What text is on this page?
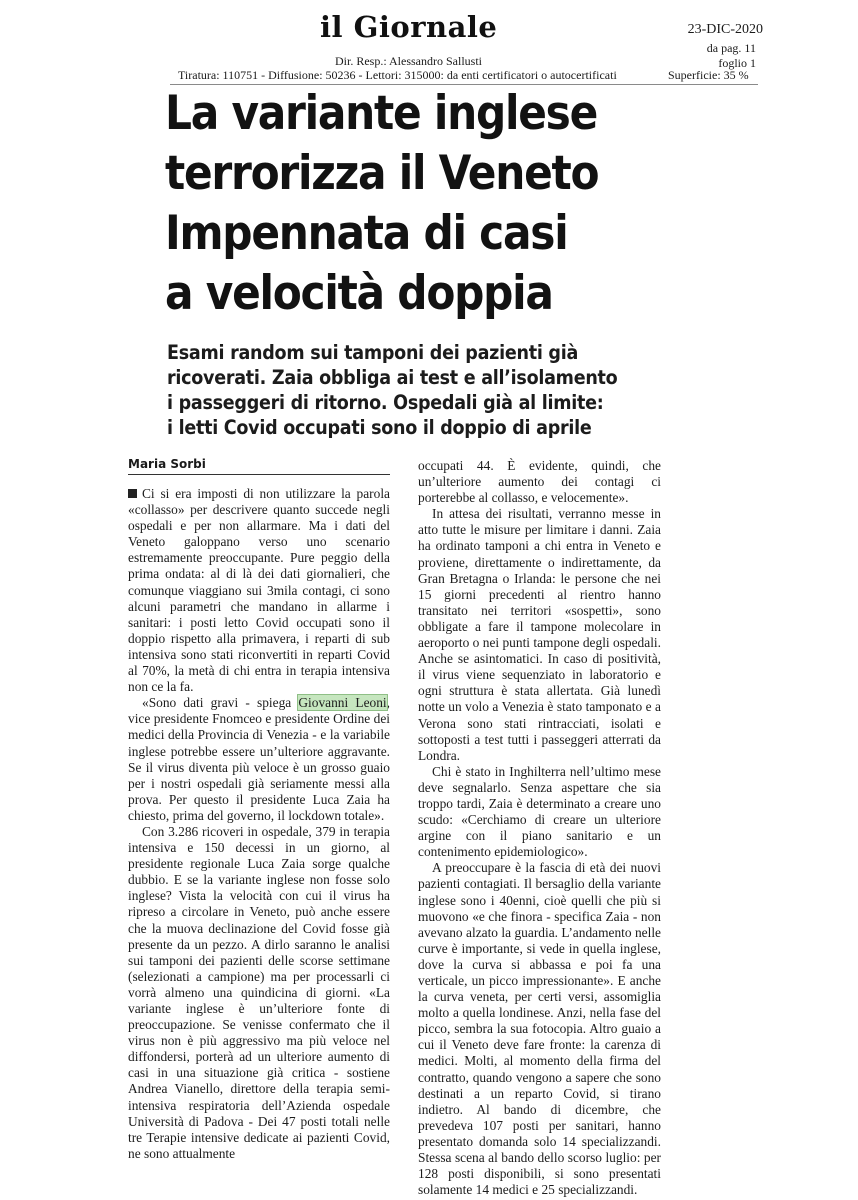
il Giornale	23-DIC-2020
da pag. 11
foglio 1
Dir. Resp.: Alessandro Sallusti
Tiratura: 110751 - Diffusione: 50236 - Lettori: 315000: da enti certificatori o autocertificati	Superficie: 35 %
La variante inglese
terrorizza il Veneto
Impennata di casi
a velocità doppia
Esami random sui tamponi dei pazienti già
ricoverati. Zaia obbliga ai test e all’isolamento
i passeggeri di ritorno. Ospedali già al limite:
i letti Covid occupati sono il doppio di aprile
Maria Sorbi

Ci si era imposti di non utilizzare la parola «collasso» per descrivere quanto succede negli ospedali e per non allarmare. Ma i dati del Veneto galoppano verso uno scenario estremamente preoccupante. Pure peggio della prima ondata: al di là dei dati giornalieri, che comunque viaggiano sui 3mila contagi, ci sono alcuni parametri che mandano in allarme i sanitari: i posti letto Covid occupati sono il doppio rispetto alla primavera, i reparti di sub intensiva sono stati riconvertiti in reparti Covid al 70%, la metà di chi entra in terapia intensiva non ce la fa.

«Sono dati gravi - spiega Giovanni Leoni, vice presidente Fnomceo e presidente Ordine dei medici della Provincia di Venezia - e la variabile inglese potrebbe essere un’ulteriore aggravante. Se il virus diventa più veloce è un grosso guaio per i nostri ospedali già seriamente messi alla prova. Per questo il presidente Luca Zaia ha chiesto, prima del governo, il lockdown totale».

Con 3.286 ricoveri in ospedale, 379 in terapia intensiva e 150 decessi in un giorno, al presidente regionale Luca Zaia sorge qualche dubbio. E se la variante inglese non fosse solo inglese? Vista la velocità con cui il virus ha ripreso a circolare in Veneto, può anche essere che la muova declinazione del Covid fosse già presente da un pezzo. A dirlo saranno le analisi sui tamponi dei pazienti delle scorse settimane (selezionati a campione) ma per processarli ci vorrà almeno una quindicina di giorni. «La variante inglese è un’ulteriore fonte di preoccupazione. Se venisse confermato che il virus non è più aggressivo ma più veloce nel diffondersi, porterà ad un ulteriore aumento di casi in una situazione già critica - sostiene Andrea Vianello, direttore della terapia semi-intensiva respiratoria dell’Azienda ospedale Università di Padova - Dei 47 posti totali nelle tre Terapie intensive dedicate ai pazienti Covid, ne sono attualmente

occupati 44. È evidente, quindi, che un’ulteriore aumento dei contagi ci porterebbe al collasso, e velocemente».

In attesa dei risultati, verranno messe in atto tutte le misure per limitare i danni. Zaia ha ordinato tamponi a chi entra in Veneto e proviene, direttamente o indirettamente, da Gran Bretagna o Irlanda: le persone che nei 15 giorni precedenti al rientro hanno transitato nei territori «sospetti», sono obbligate a fare il tampone molecolare in aeroporto o nei punti tampone degli ospedali. Anche se asintomatici. In caso di positività, il virus viene sequenziato in laboratorio e ogni struttura è stata allertata. Già lunedì notte un volo a Venezia è stato tamponato e a Verona sono stati rintracciati, isolati e sottoposti a test tutti i passeggeri atterrati da Londra.

Chi è stato in Inghilterra nell’ultimo mese deve segnalarlo. Senza aspettare che sia troppo tardi, Zaia è determinato a creare uno scudo: «Cerchiamo di creare un ulteriore argine con il piano sanitario e un contenimento epidemiologico».

A preoccupare è la fascia di età dei nuovi pazienti contagiati. Il bersaglio della variante inglese sono i 40enni, cioè quelli che più si muovono «e che finora - specifica Zaia - non avevano alzato la guardia. L’andamento nelle curve è importante, si vede in quella inglese, dove la curva si abbassa e poi fa una verticale, un picco impressionante». E anche la curva veneta, per certi versi, assomiglia molto a quella londinese. Anzi, nella fase del picco, sembra la sua fotocopia. Altro guaio a cui il Veneto deve fare fronte: la carenza di medici. Molti, al momento della firma del contratto, quando vengono a sapere che sono destinati a un reparto Covid, si tirano indietro. Al bando di dicembre, che prevedeva 107 posti per sanitari, hanno presentato domanda solo 14 specializzandi. Stessa scena al bando dello scorso luglio: per 128 posti disponibili, si sono presentati solamente 14 medici e 25 specializzandi.
